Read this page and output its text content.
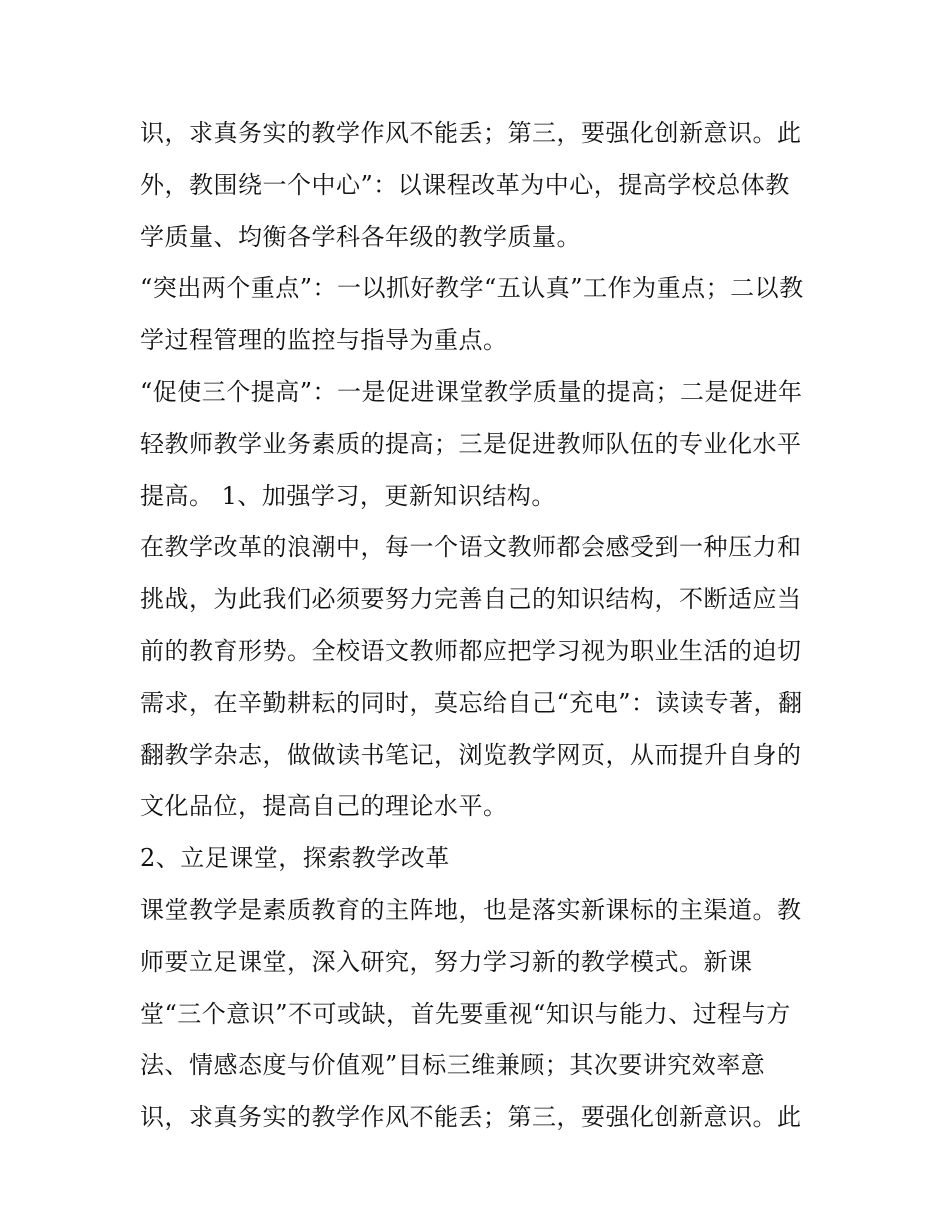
识，求真务实的教学作风不能丢；第三，要强化创新意识。此
外，教围绕一个中心”：以课程改革为中心，提高学校总体教
学质量、均衡各学科各年级的教学质量。
“突出两个重点”：一以抓好教学“五认真”工作为重点；二以教
学过程管理的监控与指导为重点。
“促使三个提高”：一是促进课堂教学质量的提高；二是促进年
轻教师教学业务素质的提高；三是促进教师队伍的专业化水平
提高。 1、加强学习，更新知识结构。
在教学改革的浪潮中，每一个语文教师都会感受到一种压力和
挑战，为此我们必须要努力完善自己的知识结构，不断适应当
前的教育形势。全校语文教师都应把学习视为职业生活的迫切
需求，在辛勤耕耘的同时，莫忘给自己“充电”：读读专著，翻
翻教学杂志，做做读书笔记，浏览教学网页，从而提升自身的
文化品位，提高自己的理论水平。
2、立足课堂，探索教学改革
课堂教学是素质教育的主阵地，也是落实新课标的主渠道。教
师要立足课堂，深入研究，努力学习新的教学模式。新课
堂“三个意识”不可或缺，首先要重视“知识与能力、过程与方
法、情感态度与价值观”目标三维兼顾；其次要讲究效率意
识，求真务实的教学作风不能丢；第三，要强化创新意识。此
